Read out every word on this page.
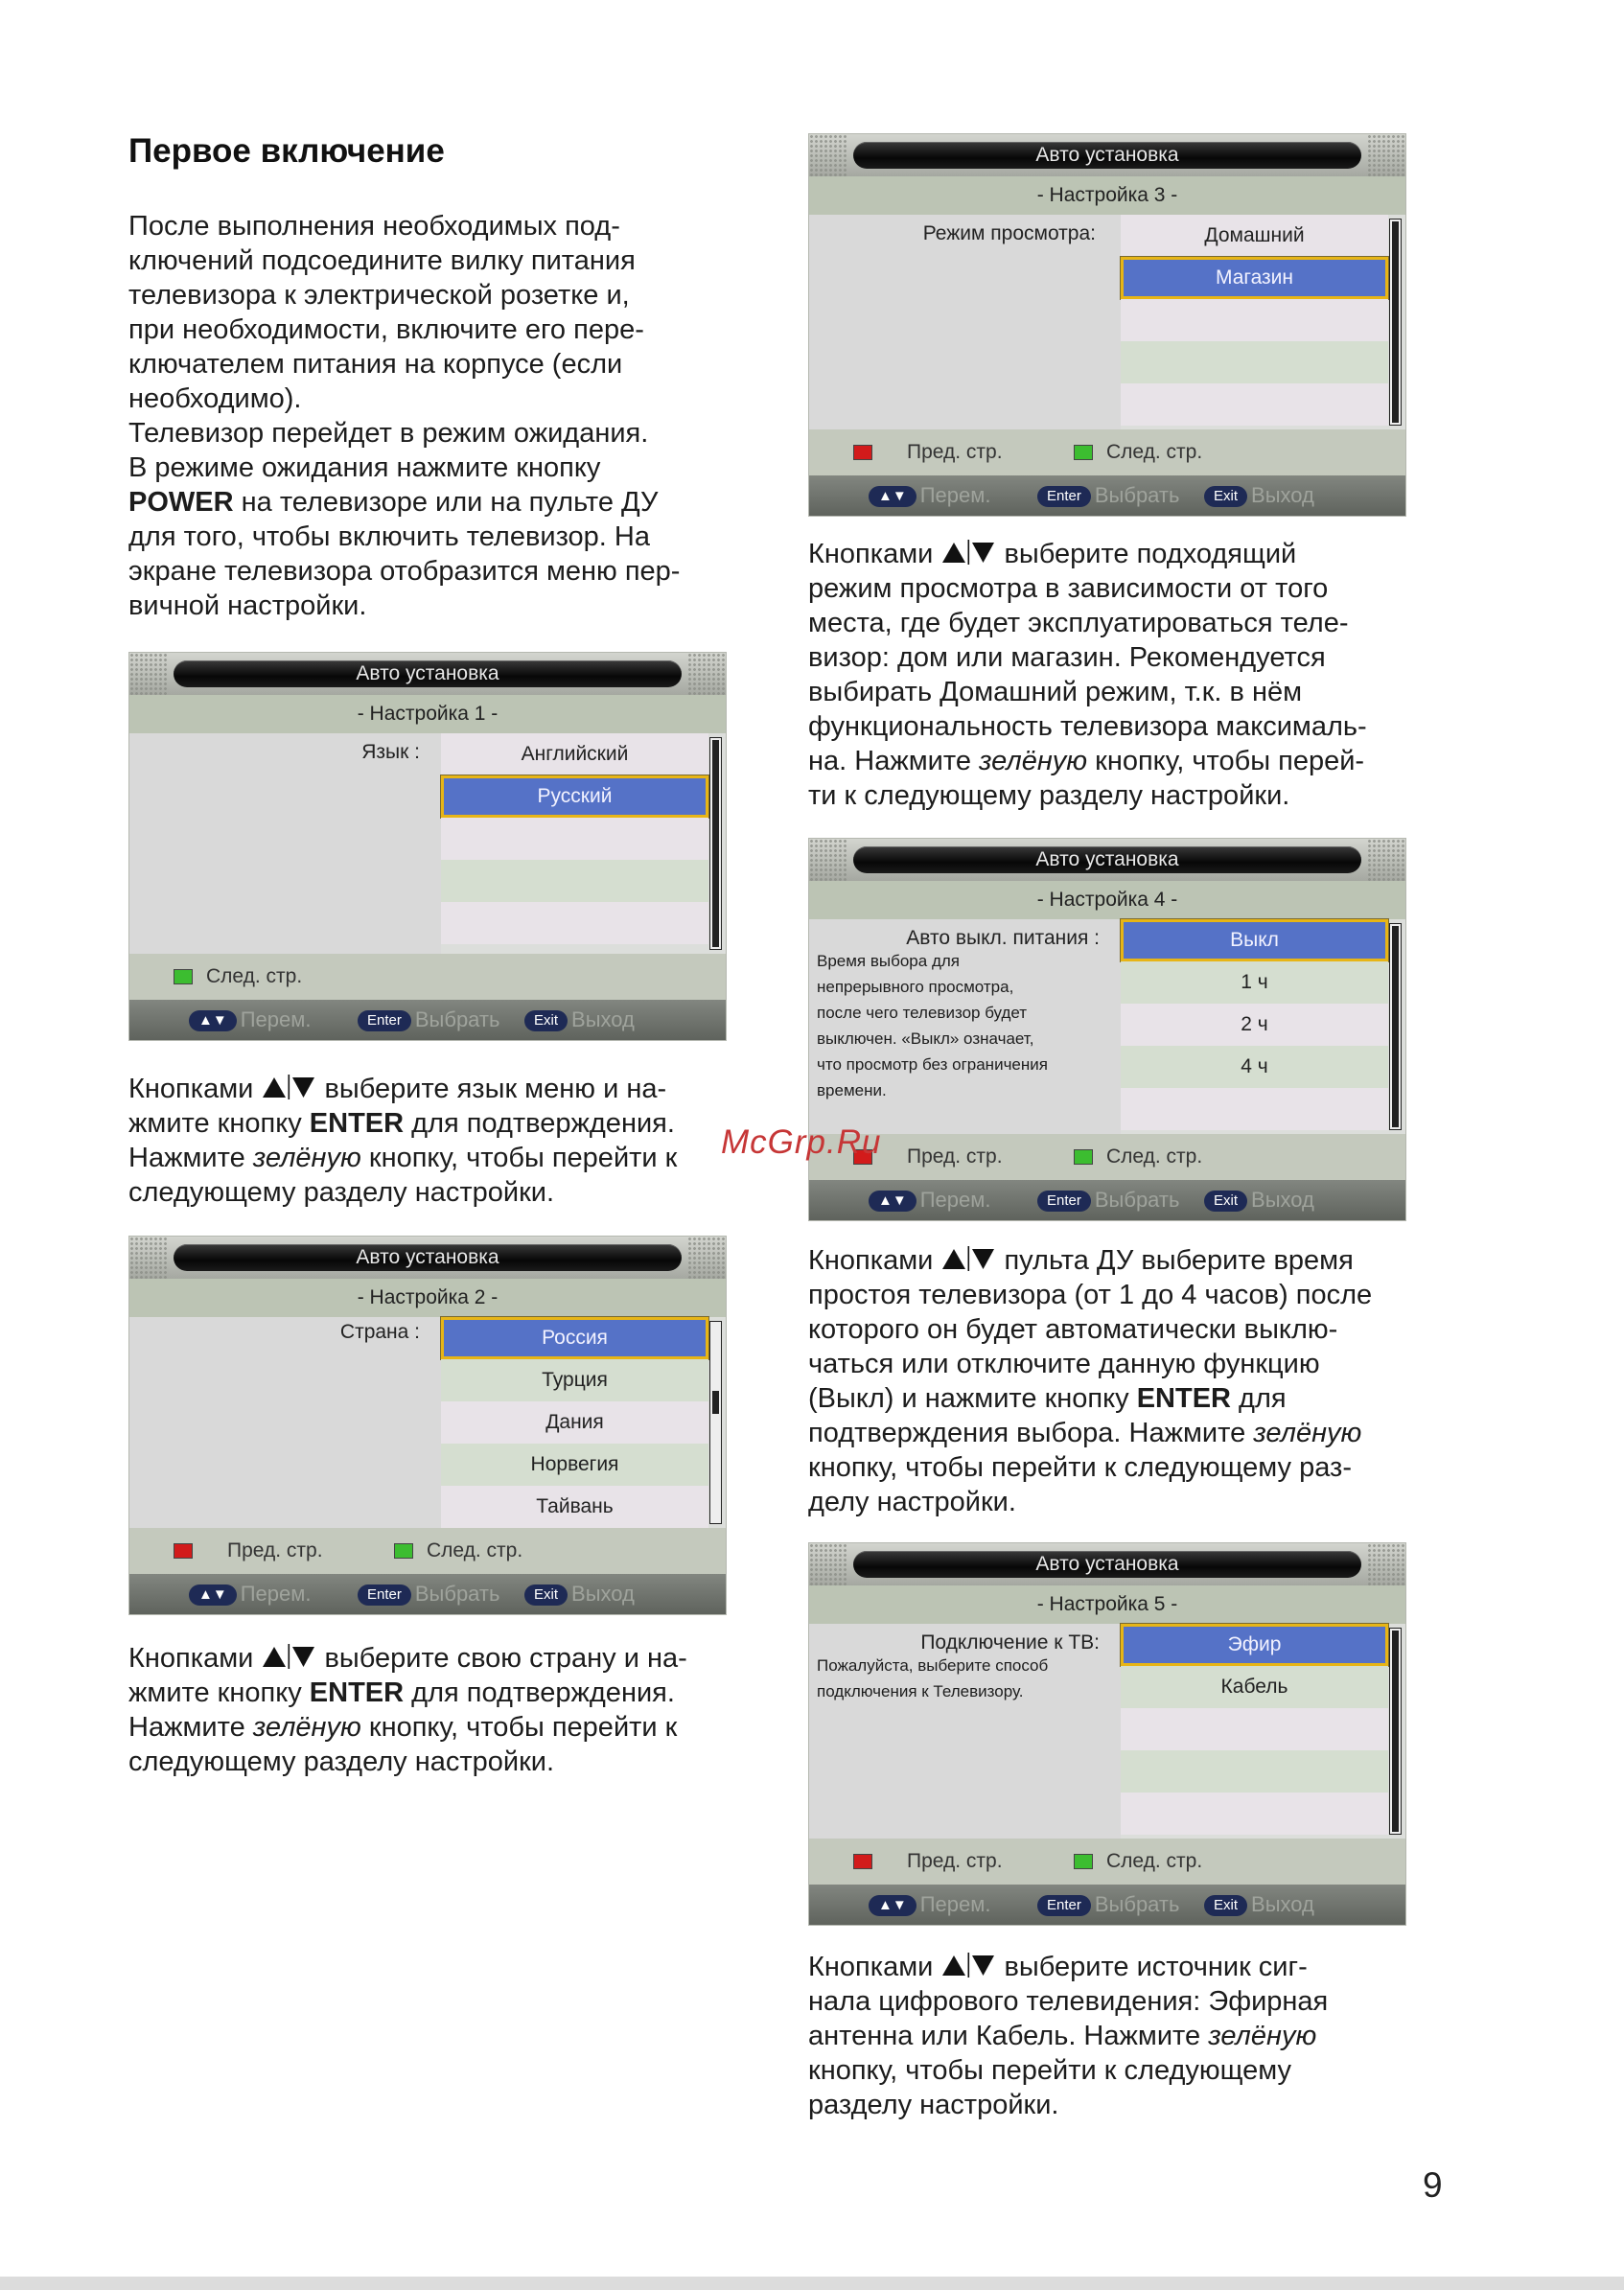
Первое включение
После выполнения необходимых под-
ключений подсоедините вилку питания
телевизора к электрической розетке и,
при необходимости, включите его пере-
ключателем питания на корпусе (если
необходимо).
Телевизор перейдет в режим ожидания.
В режиме ожидания нажмите кнопку
POWER на телевизоре или на пульте ДУ
для того, чтобы включить телевизор. На
экране телевизора отобразится меню пер-
вичной настройки.
Авто установка
- Настройка 1 -
Язык :	Английский
Русский
След. стр.
▲▼ Перем.	Enter Выбрать	Exit Выход
Кнопками  выберите язык меню и на-
жмите кнопку ENTER для подтверждения.
Нажмите зелёную кнопку, чтобы перейти к
следующему разделу настройки.
Авто установка
- Настройка 2 -
Страна :	Россия
Турция
Дания
Норвегия
Тайвань
Пред. стр.	След. стр.
▲▼ Перем.	Enter Выбрать	Exit Выход
Кнопками  выберите свою страну и на-
жмите кнопку ENTER для подтверждения.
Нажмите зелёную кнопку, чтобы перейти к
следующему разделу настройки.
Авто установка
- Настройка 3 -
Режим просмотра:	Домашний
Магазин
Пред. стр.	След. стр.
▲▼ Перем.	Enter Выбрать	Exit Выход
Кнопками  выберите подходящий
режим просмотра в зависимости от того
места, где будет эксплуатироваться теле-
визор: дом или магазин. Рекомендуется
выбирать Домашний режим, т.к. в нём
функциональность телевизора максималь-
на. Нажмите зелёную кнопку, чтобы перей-
ти к следующему разделу настройки.
Авто установка
- Настройка 4 -
Авто выкл. питания :
Время выбора для
непрерывного просмотра,
после чего телевизор будет
выключен. «Выкл» означает,
что просмотр без ограничения
времени.
Выкл
1 ч
2 ч
4 ч
Пред. стр.	След. стр.
▲▼ Перем.	Enter Выбрать	Exit Выход
Кнопками  пульта ДУ выберите время
простоя телевизора (от 1 до 4 часов) после
которого он будет автоматически выклю-
чаться или отключите данную функцию
(Выкл) и нажмите кнопку ENTER для
подтверждения выбора. Нажмите зелёную
кнопку, чтобы перейти к следующему раз-
делу настройки.
Авто установка
- Настройка 5 -
Подключение к ТВ:
Пожалуйста, выберите способ
подключения к Телевизору.
Эфир
Кабель
Пред. стр.	След. стр.
▲▼ Перем.	Enter Выбрать	Exit Выход
Кнопками  выберите источник сиг-
нала цифрового телевидения: Эфирная
антенна или Кабель. Нажмите зелёную
кнопку, чтобы перейти к следующему
разделу настройки.
McGrp.Ru
9
